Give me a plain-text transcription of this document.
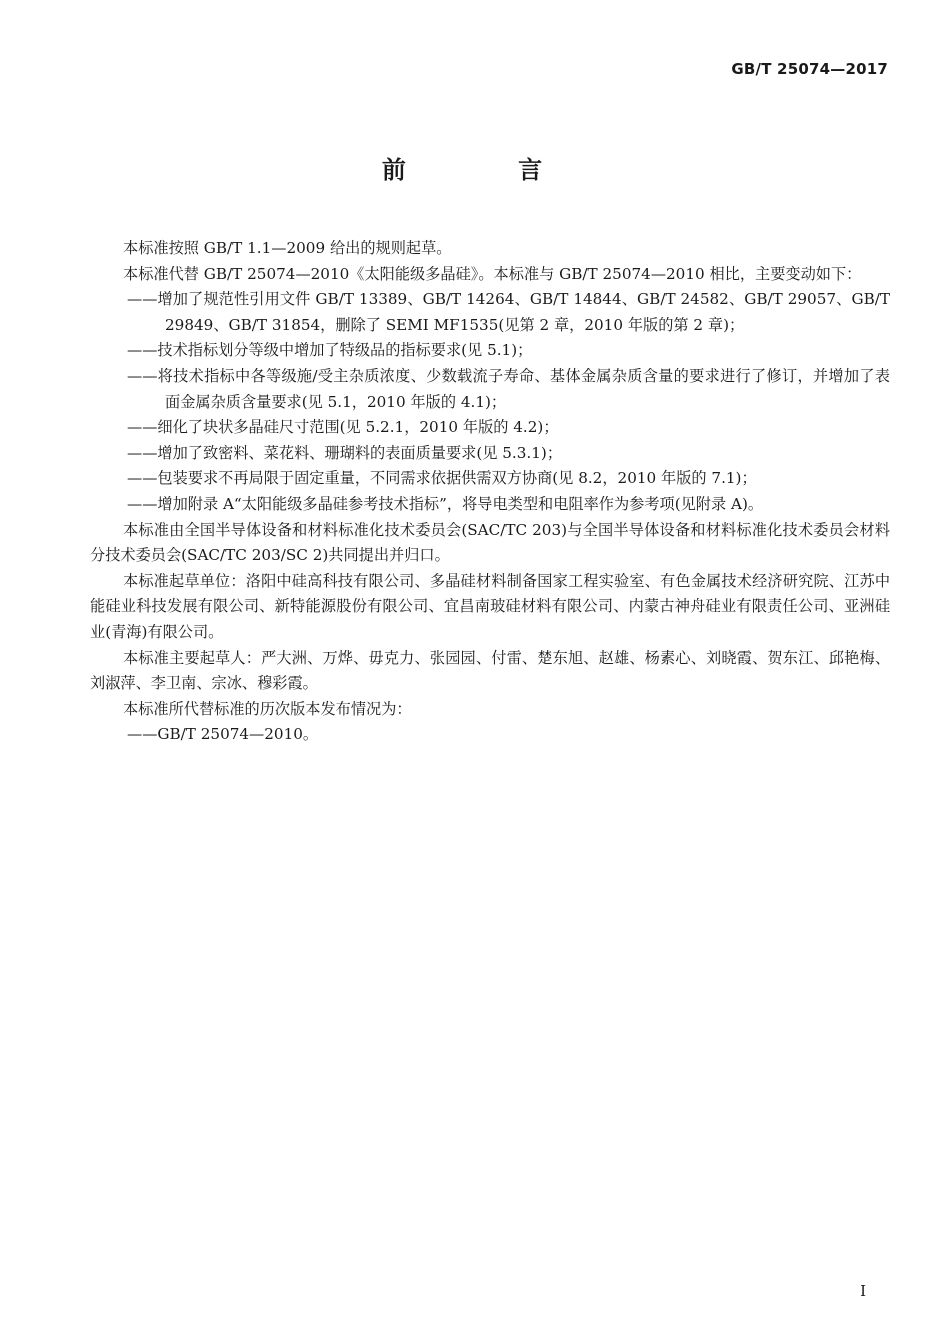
GB/T 25074—2017
前 言

本标准按照 GB/T 1.1—2009 给出的规则起草。

本标准代替 GB/T 25074—2010《太阳能级多晶硅》。本标准与 GB/T 25074—2010 相比，主要变动如下：

——增加了规范性引用文件 GB/T 13389、GB/T 14264、GB/T 14844、GB/T 24582、GB/T 29057、GB/T 29849、GB/T 31854，删除了 SEMI MF1535(见第 2 章，2010 年版的第 2 章)；

——技术指标划分等级中增加了特级品的指标要求(见 5.1)；

——将技术指标中各等级施/受主杂质浓度、少数载流子寿命、基体金属杂质含量的要求进行了修订，并增加了表面金属杂质含量要求(见 5.1，2010 年版的 4.1)；

——细化了块状多晶硅尺寸范围(见 5.2.1，2010 年版的 4.2)；

——增加了致密料、菜花料、珊瑚料的表面质量要求(见 5.3.1)；

——包装要求不再局限于固定重量，不同需求依据供需双方协商(见 8.2，2010 年版的 7.1)；

——增加附录 A“太阳能级多晶硅参考技术指标”，将导电类型和电阻率作为参考项(见附录 A)。

本标准由全国半导体设备和材料标准化技术委员会(SAC/TC 203)与全国半导体设备和材料标准化技术委员会材料分技术委员会(SAC/TC 203/SC 2)共同提出并归口。

本标准起草单位：洛阳中硅高科技有限公司、多晶硅材料制备国家工程实验室、有色金属技术经济研究院、江苏中能硅业科技发展有限公司、新特能源股份有限公司、宜昌南玻硅材料有限公司、内蒙古神舟硅业有限责任公司、亚洲硅业(青海)有限公司。

本标准主要起草人：严大洲、万烨、毋克力、张园园、付雷、楚东旭、赵雄、杨素心、刘晓霞、贺东江、邱艳梅、刘淑萍、李卫南、宗冰、穆彩霞。

本标准所代替标准的历次版本发布情况为：

——GB/T 25074—2010。

I
